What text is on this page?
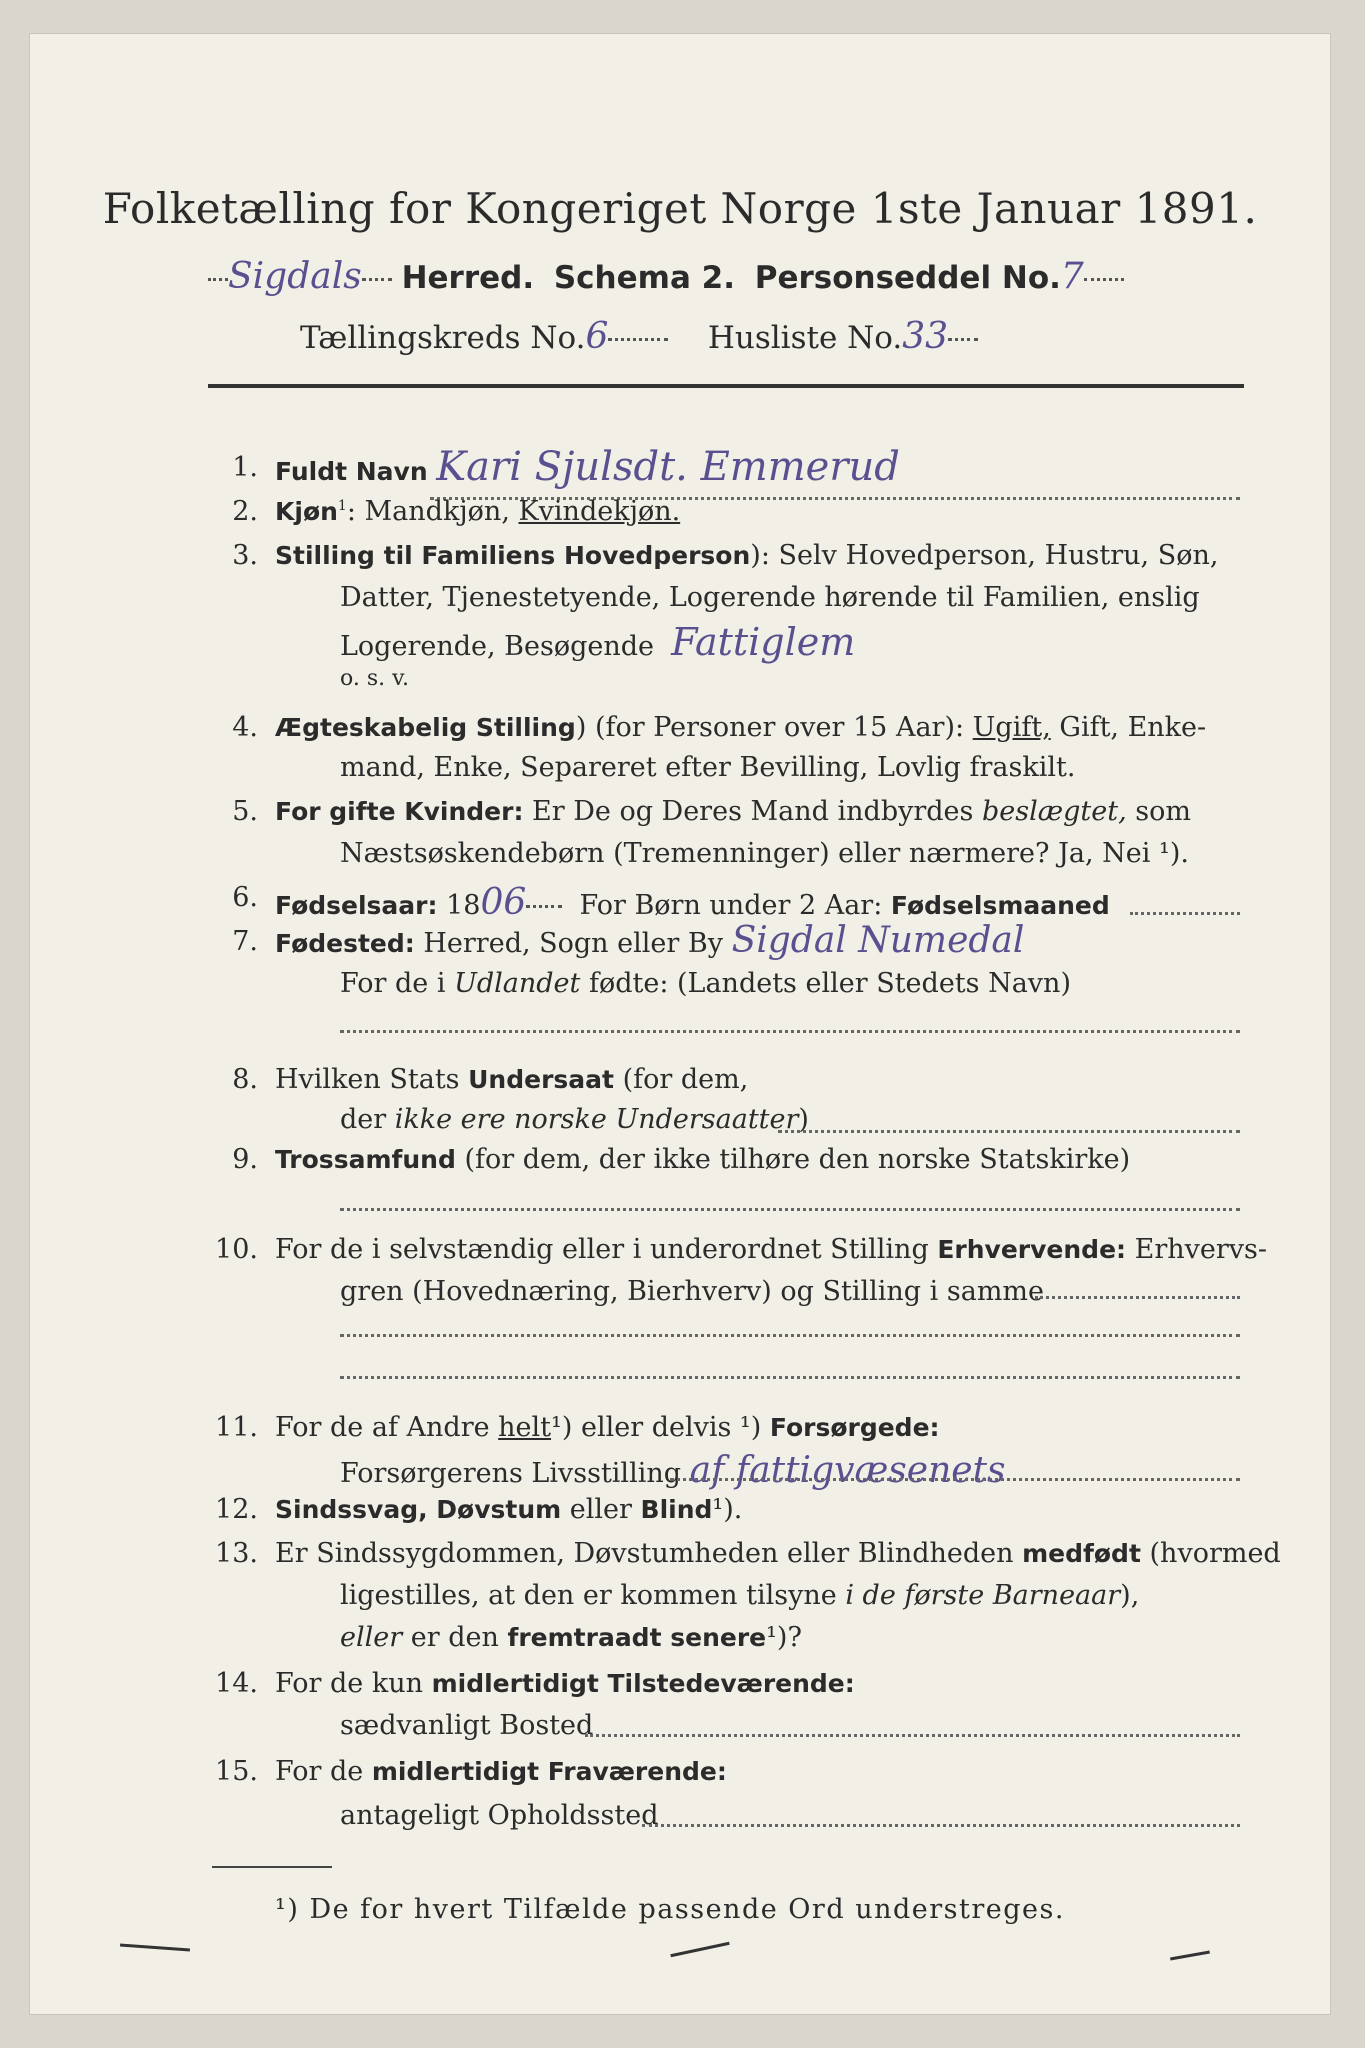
Folketælling for Kongeriget Norge 1ste Januar 1891.
Sigdals Herred. Schema 2. Personseddel No.7
Tællingskreds No.6	Husliste No.33
1. Fuldt Navn Kari Sjulsdt. Emmerud
2. Kjøn$^1$: Mandkjøn, Kvindekjøn.
3. Stilling til Familiens Hovedperson): Selv Hovedperson, Hustru, Søn,
Datter, Tjenestetyende, Logerende hørende til Familien, enslig
Logerende, Besøgende Fattiglem
o. s. v.
4. Ægteskabelig Stilling) (for Personer over 15 Aar): Ugift, Gift, Enke-
mand, Enke, Separeret efter Bevilling, Lovlig fraskilt.
5. For gifte Kvinder: Er De og Deres Mand indbyrdes beslægtet, som
Næstsøskendebørn (Tremenninger) eller nærmere? Ja, Nei ¹).
6. Fødselsaar: 1806 For Børn under 2 Aar: Fødselsmaaned
7. Fødested: Herred, Sogn eller By Sigdal Numedal
For de i Udlandet fødte: (Landets eller Stedets Navn)
8. Hvilken Stats Undersaat (for dem,
der ikke ere norske Undersaatter)
9. Trossamfund (for dem, der ikke tilhøre den norske Statskirke)
10. For de i selvstændig eller i underordnet Stilling Erhvervende: Erhvervs-
gren (Hovednæring, Bierhverv) og Stilling i samme
11. For de af Andre helt¹) eller delvis ¹) Forsørgede:
Forsørgerens Livsstilling af fattigvæsenets
12. Sindssvag, Døvstum eller Blind¹).
13. Er Sindssygdommen, Døvstumheden eller Blindheden medfødt (hvormed
ligestilles, at den er kommen tilsyne i de første Barneaar),
eller er den fremtraadt senere¹)?
14. For de kun midlertidigt Tilstedeværende:
sædvanligt Bosted
15. For de midlertidigt Fraværende:
antageligt Opholdssted
¹) De for hvert Tilfælde passende Ord understreges.
